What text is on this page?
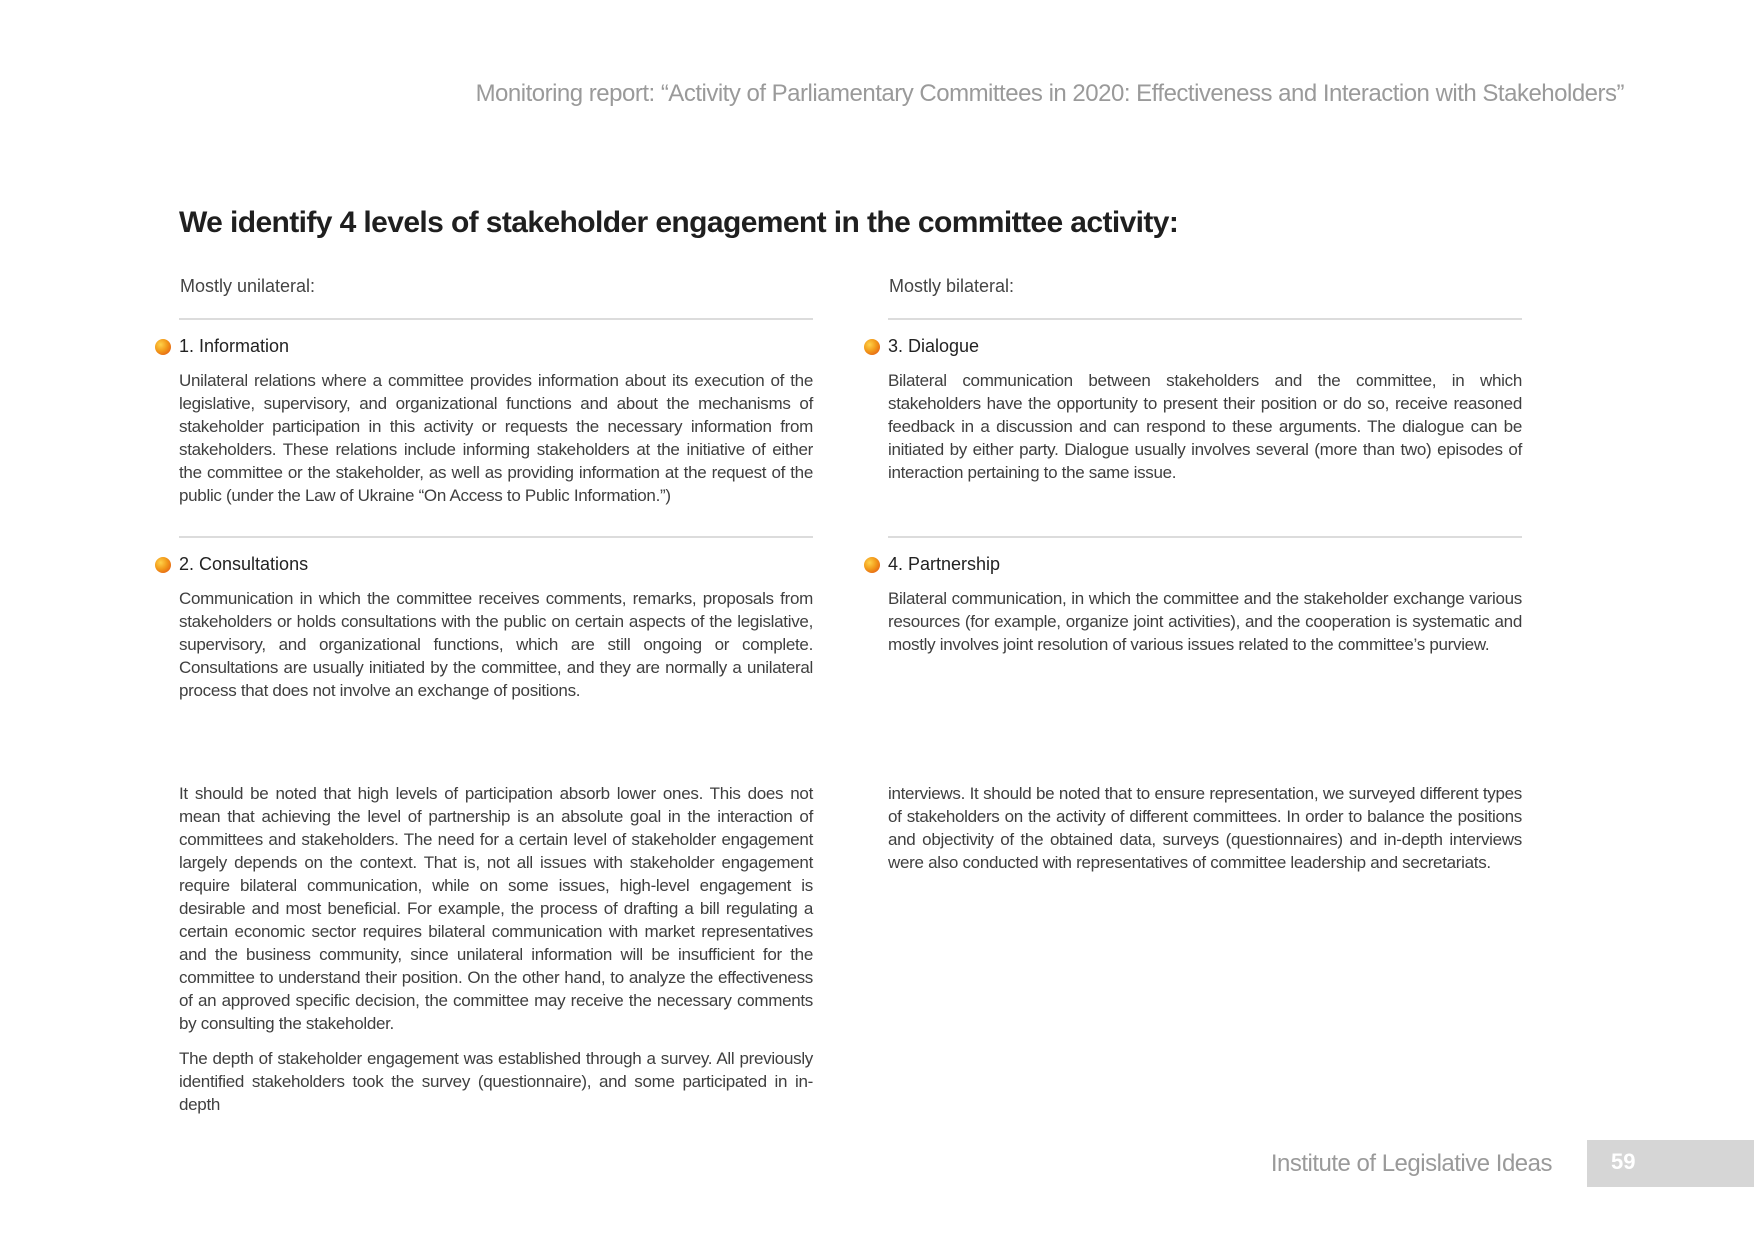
Monitoring report: “Activity of Parliamentary Committees in 2020: Effectiveness and Interaction with Stakeholders”
We identify 4 levels of stakeholder engagement in the committee activity:
Mostly unilateral:	Mostly bilateral:
1. Information

Unilateral relations where a committee provides information about its execution of the legislative, supervisory, and organizational functions and about the mechanisms of stakeholder participation in this activity or requests the necessary information from stakeholders. These relations include informing stakeholders at the initiative of either the committee or the stakeholder, as well as providing information at the request of the public (under the Law of Ukraine “On Access to Public Information.”)

3. Dialogue

Bilateral communication between stakeholders and the committee, in which stakeholders have the opportunity to present their position or do so, receive reasoned feedback in a discussion and can respond to these arguments. The dialogue can be initiated by either party. Dialogue usually involves several (more than two) episodes of interaction pertaining to the same issue.

2. Consultations

Communication in which the committee receives comments, remarks, proposals from stakeholders or holds consultations with the public on certain aspects of the legislative, supervisory, and organizational functions, which are still ongoing or complete. Consultations are usually initiated by the committee, and they are normally a unilateral process that does not involve an exchange of positions.

4. Partnership

Bilateral communication, in which the committee and the stakeholder exchange various resources (for example, organize joint activities), and the cooperation is systematic and mostly involves joint resolution of various issues related to the committee’s purview.

It should be noted that high levels of participation absorb lower ones. This does not mean that achieving the level of partnership is an absolute goal in the interaction of committees and stakeholders. The need for a certain level of stakeholder engagement largely depends on the context. That is, not all issues with stakeholder engagement require bilateral communication, while on some issues, high-level engagement is desirable and most beneficial. For example, the process of drafting a bill regulating a certain economic sector requires bilateral communication with market representatives and the business community, since unilateral information will be insufficient for the committee to understand their position. On the other hand, to analyze the effectiveness of an approved specific decision, the committee may receive the necessary comments by consulting the stakeholder.

The depth of stakeholder engagement was established through a survey. All previously identified stakeholders took the survey (questionnaire), and some participated in in-depth

interviews. It should be noted that to ensure representation, we surveyed different types of stakeholders on the activity of different committees. In order to balance the positions and objectivity of the obtained data, surveys (questionnaires) and in-depth interviews were also conducted with representatives of committee leadership and secretariats.

Institute of Legislative Ideas	59
